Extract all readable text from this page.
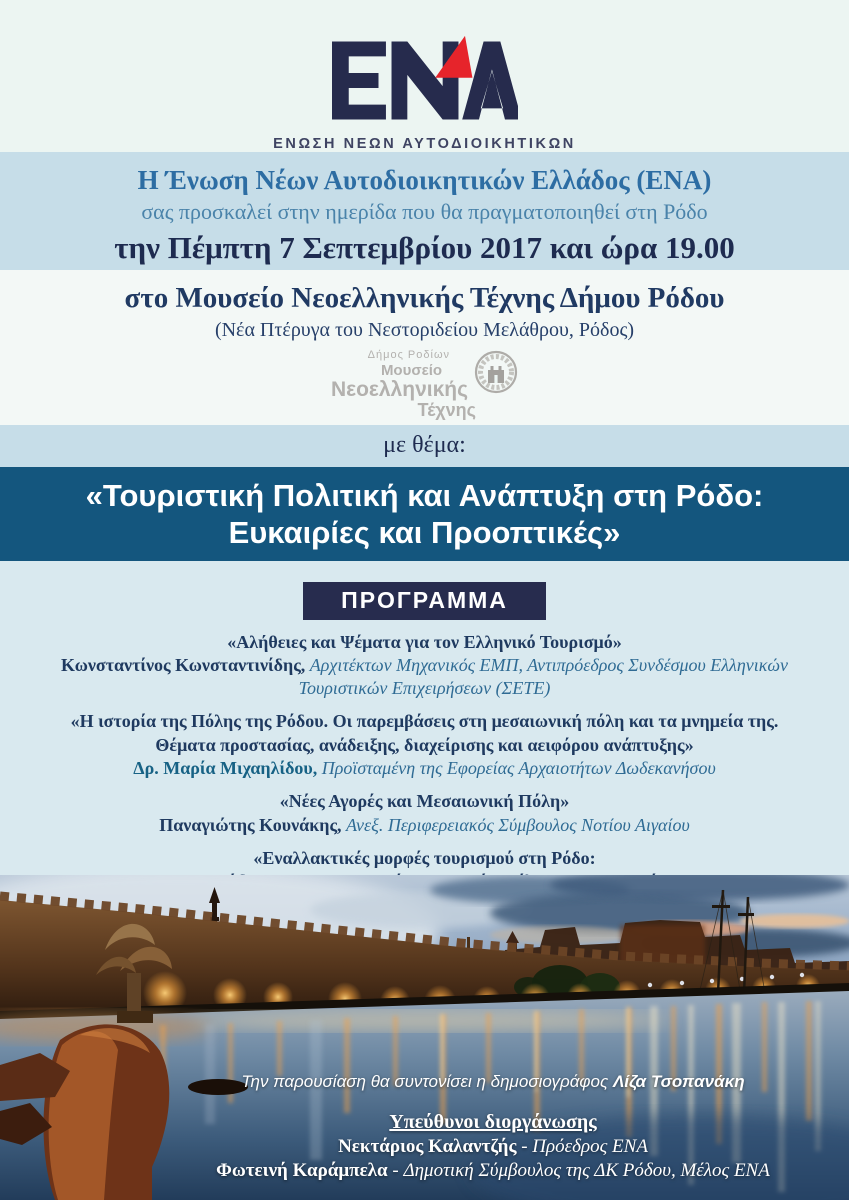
ΕΝΩΣΗ ΝΕΩΝ ΑΥΤΟΔΙΟΙΚΗΤΙΚΩΝ
Η Ένωση Νέων Αυτοδιοικητικών Ελλάδος (ΕΝΑ)
σας προσκαλεί στην ημερίδα που θα πραγματοποιηθεί στη Ρόδο
την Πέμπτη 7 Σεπτεμβρίου 2017 και ώρα 19.00
στο Μουσείο Νεοελληνικής Τέχνης Δήμου Ρόδου
(Νέα Πτέρυγα του Νεστοριδείου Μελάθρου, Ρόδος)
Δήμος Ροδίων
Μουσείο
Νεοελληνικής
Τέχνης
με θέμα:
«Τουριστική Πολιτική και Ανάπτυξη στη Ρόδο:
Ευκαιρίες και Προοπτικές»
ΠΡΟΓΡΑΜΜΑ
«Αλήθειες και Ψέματα για τον Ελληνικό Τουρισμό»
Κωνσταντίνος Κωνσταντινίδης, Αρχιτέκτων Μηχανικός ΕΜΠ, Αντιπρόεδρος Συνδέσμου Ελληνικών Τουριστικών Επιχειρήσεων (ΣΕΤΕ)
«Η ιστορία της Πόλης της Ρόδου. Οι παρεμβάσεις στη μεσαιωνική πόλη και τα μνημεία της.
Θέματα προστασίας, ανάδειξης, διαχείρισης και αειφόρου ανάπτυξης»
Δρ. Μαρία Μιχαηλίδου, Προϊσταμένη της Εφορείας Αρχαιοτήτων Δωδεκανήσου
«Νέες Αγορές και Μεσαιωνική Πόλη»
Παναγιώτης Κουνάκης, Ανεξ. Περιφερειακός Σύμβουλος Νοτίου Αιγαίου
«Εναλλακτικές μορφές τουρισμού στη Ρόδο:
Την παρουσίαση θα συντονίσει η δημοσιογράφος Λίζα Τσοπανάκη
Υπεύθυνοι διοργάνωσης
Νεκτάριος Καλαντζής - Πρόεδρος ΕΝΑ
Φωτεινή Καράμπελα - Δημοτική Σύμβουλος της ΔΚ Ρόδου, Μέλος ΕΝΑ
